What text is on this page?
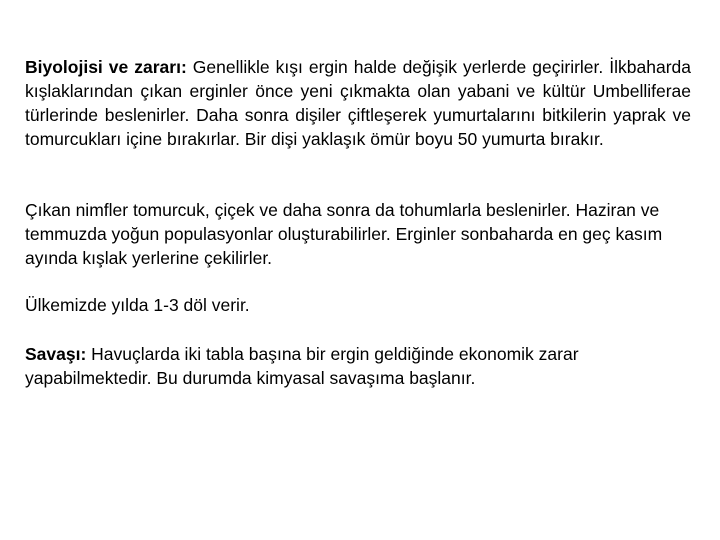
Biyolojisi ve zararı: Genellikle kışı ergin halde değişik yerlerde geçirirler. İlkbaharda kışlaklarından çıkan erginler önce yeni çıkmakta olan yabani ve kültür Umbelliferae türlerinde beslenirler. Daha sonra dişiler çiftleşerek yumurtalarını bitkilerin yaprak ve tomurcukları içine bırakırlar. Bir dişi yaklaşık ömür boyu 50 yumurta bırakır.

Çıkan nimfler tomurcuk, çiçek ve daha sonra da tohumlarla beslenirler. Haziran ve temmuzda yoğun populasyonlar oluşturabilirler. Erginler sonbaharda en geç kasım ayında kışlak yerlerine çekilirler.

Ülkemizde yılda 1-3 döl verir.

Savaşı: Havuçlarda iki tabla başına bir ergin geldiğinde ekonomik zarar yapabilmektedir. Bu durumda kimyasal savaşıma başlanır.
